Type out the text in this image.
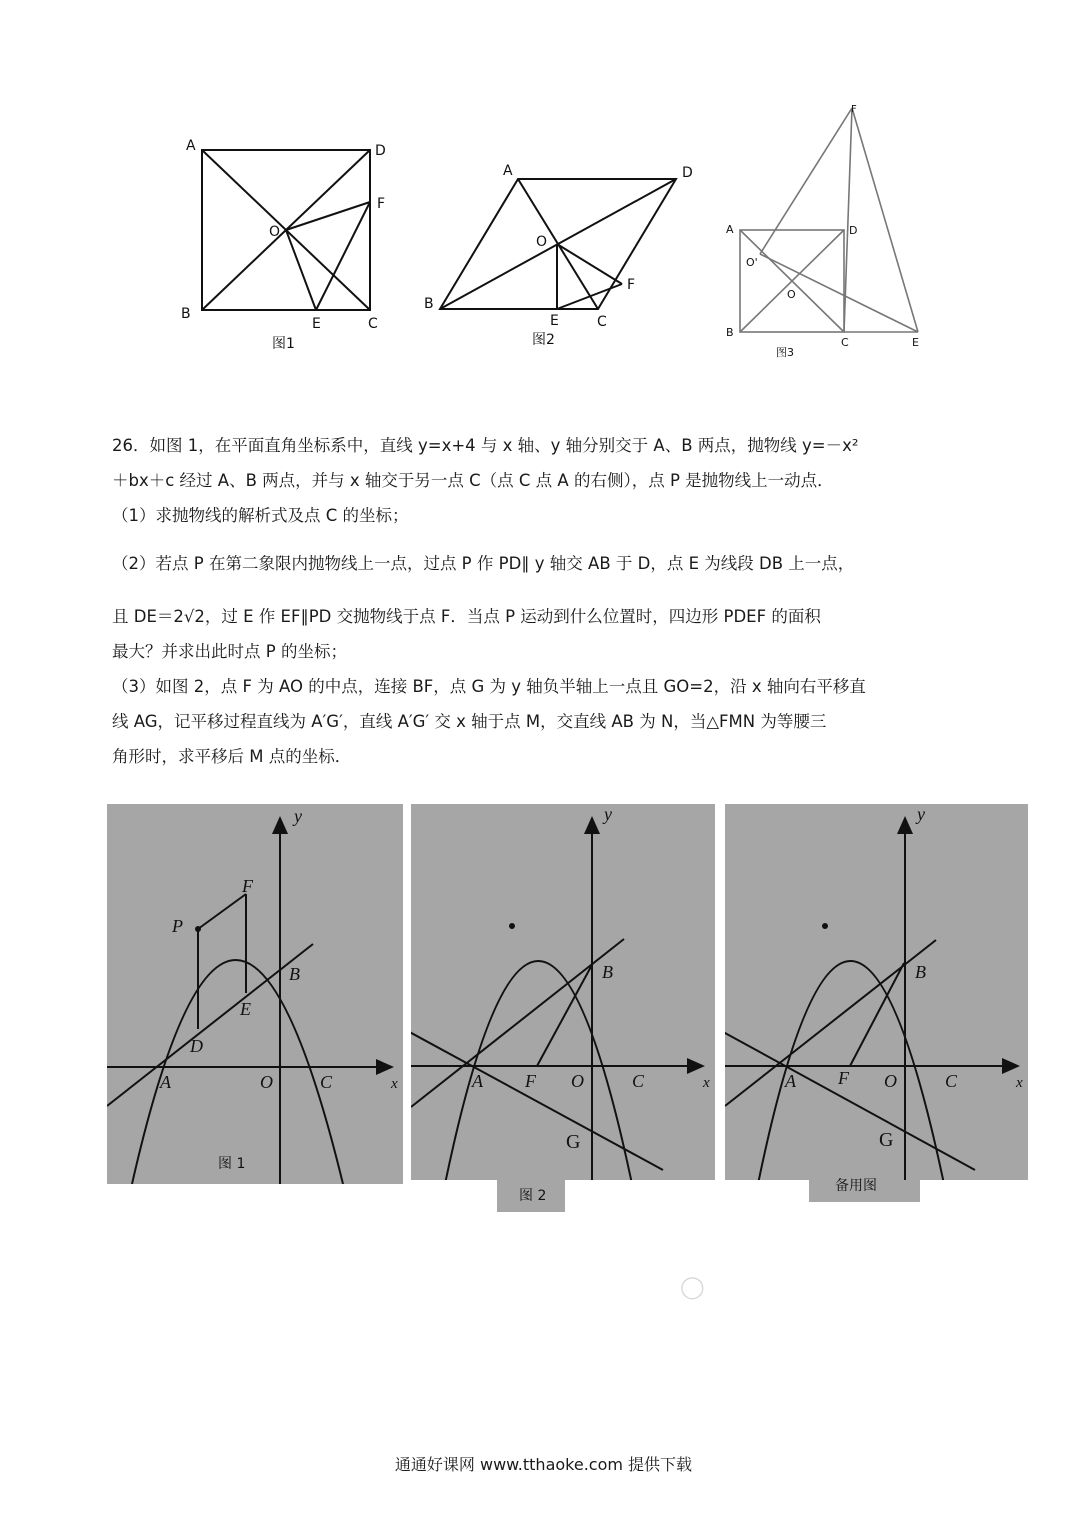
A	D
F
O
B
E	C
图1
A	D
O
F
B
E	C
图2
F
A	D
O'
O
B
C	E
图3

26．如图 1，在平面直角坐标系中，直线 y=x+4 与 x 轴、y 轴分别交于 A、B 两点，抛物线 y=－x²

＋bx＋c 经过 A、B 两点，并与 x 轴交于另一点 C（点 C 点 A 的右侧），点 P 是抛物线上一动点．

（1）求抛物线的解析式及点 C 的坐标；

（2）若点 P 在第二象限内抛物线上一点，过点 P 作 PD∥ y 轴交 AB 于 D，点 E 为线段 DB 上一点，

且 DE＝2√2，过 E 作 EF∥PD 交抛物线于点 F．当点 P 运动到什么位置时，四边形 PDEF 的面积

最大？并求出此时点 P 的坐标；

（3）如图 2，点 F 为 AO 的中点，连接 BF，点 G 为 y 轴负半轴上一点且 GO=2，沿 x 轴向右平移直

线 AG，记平移过程直线为 A′G′，直线 A′G′ 交 x 轴于点 M，交直线 AB 为 N，当△FMN 为等腰三

角形时，求平移后 M 点的坐标．

y
x
P
F
B
E
D
A	O	C
图 1
y
x
B
A F O	C
G
图 2
y
x
B
A F O	C
G
备用图
◯
通通好课网 www.tthaoke.com 提供下载
